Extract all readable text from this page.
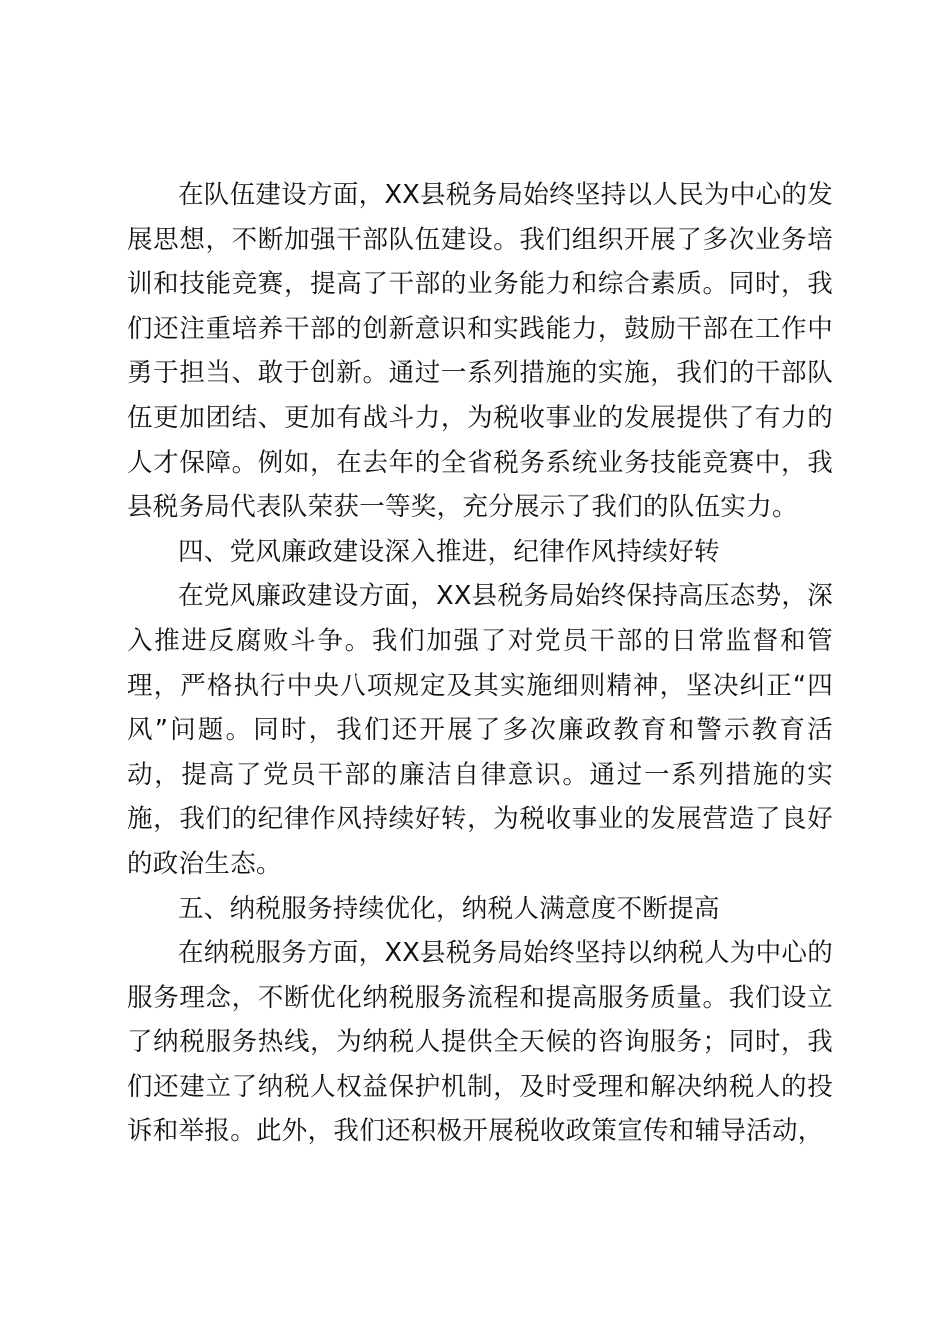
在队伍建设方面，XX县税务局始终坚持以人民为中心的发展思想，不断加强干部队伍建设。我们组织开展了多次业务培训和技能竞赛，提高了干部的业务能力和综合素质。同时，我们还注重培养干部的创新意识和实践能力，鼓励干部在工作中勇于担当、敢于创新。通过一系列措施的实施，我们的干部队伍更加团结、更加有战斗力，为税收事业的发展提供了有力的人才保障。例如，在去年的全省税务系统业务技能竞赛中，我县税务局代表队荣获一等奖，充分展示了我们的队伍实力。

四、党风廉政建设深入推进，纪律作风持续好转

在党风廉政建设方面，XX县税务局始终保持高压态势，深入推进反腐败斗争。我们加强了对党员干部的日常监督和管理，严格执行中央八项规定及其实施细则精神，坚决纠正“四风”问题。同时，我们还开展了多次廉政教育和警示教育活动，提高了党员干部的廉洁自律意识。通过一系列措施的实施，我们的纪律作风持续好转，为税收事业的发展营造了良好的政治生态。

五、纳税服务持续优化，纳税人满意度不断提高

在纳税服务方面，XX县税务局始终坚持以纳税人为中心的服务理念，不断优化纳税服务流程和提高服务质量。我们设立了纳税服务热线，为纳税人提供全天候的咨询服务；同时，我们还建立了纳税人权益保护机制，及时受理和解决纳税人的投诉和举报。此外，我们还积极开展税收政策宣传和辅导活动，
